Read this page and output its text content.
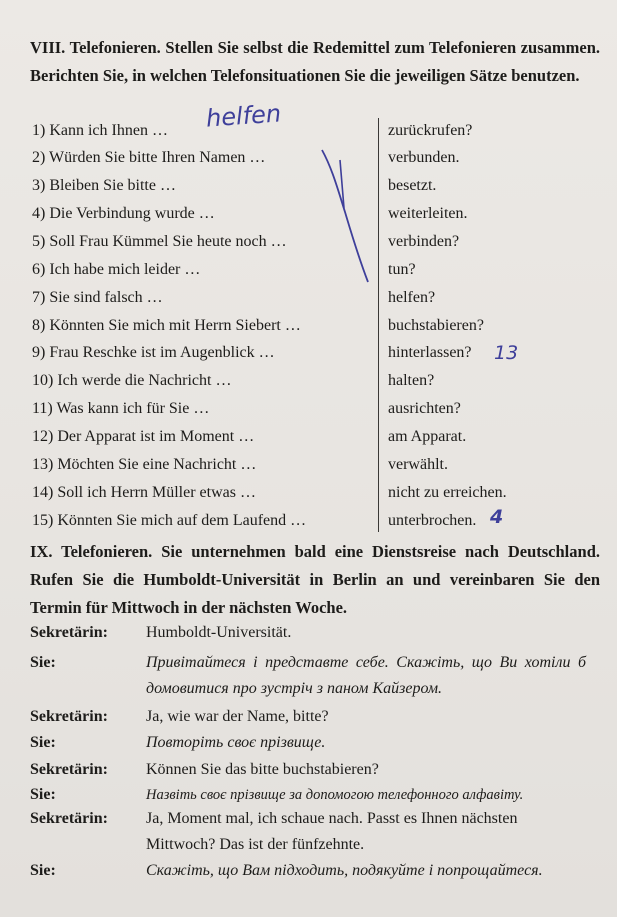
VIII. Telefonieren. Stellen Sie selbst die Redemittel zum Telefonieren zusammen. Berichten Sie, in welchen Telefonsituationen Sie die jeweiligen Sätze benutzen.
1) Kann ich Ihnen …	zurückrufen?
2) Würden Sie bitte Ihren Namen …	verbunden.
3) Bleiben Sie bitte …	besetzt.
4) Die Verbindung wurde …	weiterleiten.
5) Soll Frau Kümmel Sie heute noch …	verbinden?
6) Ich habe mich leider …	tun?
7) Sie sind falsch …	helfen?
8) Könnten Sie mich mit Herrn Siebert …	buchstabieren?
9) Frau Reschke ist im Augenblick …	hinterlassen?
10) Ich werde die Nachricht …	halten?
11) Was kann ich für Sie …	ausrichten?
12) Der Apparat ist im Moment …	am Apparat.
13) Möchten Sie eine Nachricht …	verwählt.
14) Soll ich Herrn Müller etwas …	nicht zu erreichen.
15) Könnten Sie mich auf dem Laufend …	unterbrochen.
helfen
13
4
IX. Telefonieren. Sie unternehmen bald eine Dienstsreise nach Deutschland. Rufen Sie die Humboldt-Universität in Berlin an und vereinbaren Sie den Termin für Mittwoch in der nächsten Woche.
Sekretärin: Humboldt-Universität.
Sie:	Привітайтеся і представте себе. Скажіть, що Ви хотіли б домовитися про зустріч з паном Кайзером.
Sekretärin: Ja, wie war der Name, bitte?
Sie:	Повторіть своє прізвище.
Sekretärin: Können Sie das bitte buchstabieren?
Sie:	Назвіть своє прізвище за допомогою телефонного алфавіту.
Sekretärin: Ja, Moment mal, ich schaue nach. Passt es Ihnen nächsten Mittwoch? Das ist der fünfzehnte.
Sie:	Скажіть, що Вам підходить, подякуйте і попрощайтеся.
